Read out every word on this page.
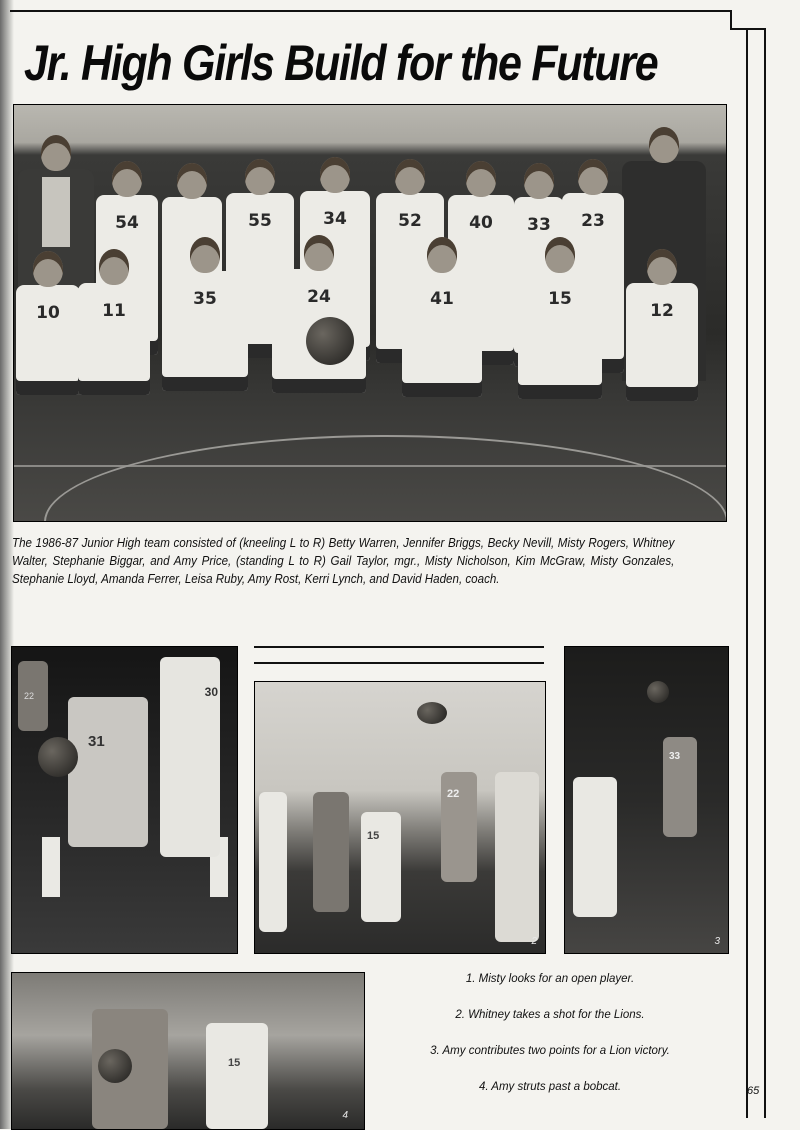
Jr. High Girls Build for the Future
54	55	34	52	40	33	23
10	11
35	24	41	15
12
The 1986-87 Junior High team consisted of (kneeling L to R) Betty Warren, Jennifer Briggs, Becky Nevill, Misty Rogers, Whitney Walter, Stephanie Biggar, and Amy Price, (standing L to R) Gail Taylor, mgr., Misty Nicholson, Kim McGraw, Misty Gonzales, Stephanie Lloyd, Amanda Ferrer, Leisa Ruby, Amy Rost, Kerri Lynch, and David Haden, coach.
31
30
22
22
15
2
33
3
15
4
1. Misty looks for an open player.
2. Whitney takes a shot for the Lions.
3. Amy contributes two points for a Lion victory.
4. Amy struts past a bobcat.	65
